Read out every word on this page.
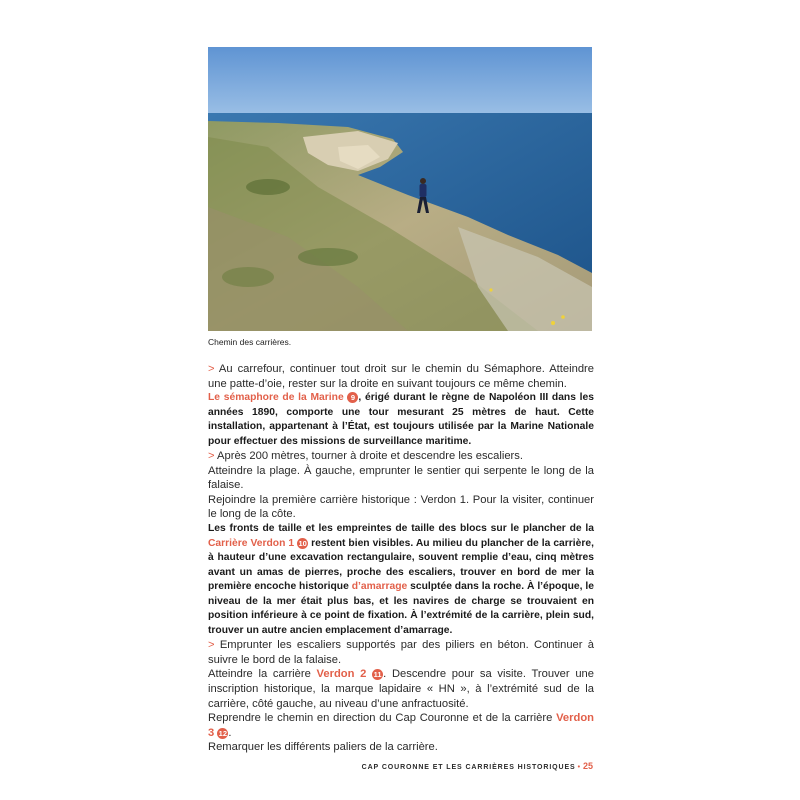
Chemin des carrières.

> Au carrefour, continuer tout droit sur le chemin du Sémaphore. Atteindre une patte-d’oie, rester sur la droite en suivant toujours ce même chemin.

Le sémaphore de la Marine 9 , érigé durant le règne de Napoléon III dans les années 1890, comporte une tour mesurant 25 mètres de haut. Cette installation, appartenant à l’État, est toujours utilisée par la Marine Nationale pour effectuer des missions de surveillance maritime.

> Après 200 mètres, tourner à droite et descendre les escaliers.

Atteindre la plage. À gauche, emprunter le sentier qui serpente le long de la falaise.

Rejoindre la première carrière historique : Verdon 1. Pour la visiter, continuer le long de la côte.

Les fronts de taille et les empreintes de taille des blocs sur le plancher de la Carrière Verdon 1 10 restent bien visibles. Au milieu du plancher de la carrière, à hauteur d’une excavation rectangulaire, souvent remplie d’eau, cinq mètres avant un amas de pierres, proche des escaliers, trouver en bord de mer la première encoche historique d’amarrage sculptée dans la roche. À l’époque, le niveau de la mer était plus bas, et les navires de charge se trouvaient en position inférieure à ce point de fixation. À l’extrémité de la carrière, plein sud, trouver un autre ancien emplacement d’amarrage.

> Emprunter les escaliers supportés par des piliers en béton. Continuer à suivre le bord de la falaise.

Atteindre la carrière Verdon 2 11 . Descendre pour sa visite. Trouver une inscription historique, la marque lapidaire « HN », à l’extrémité sud de la carrière, côté gauche, au niveau d’une anfractuosité.

Reprendre le chemin en direction du Cap Couronne et de la carrière Verdon 3 12.

Remarquer les différents paliers de la carrière.

CAP COURONNE ET LES CARRIÈRES HISTORIQUES • 25
